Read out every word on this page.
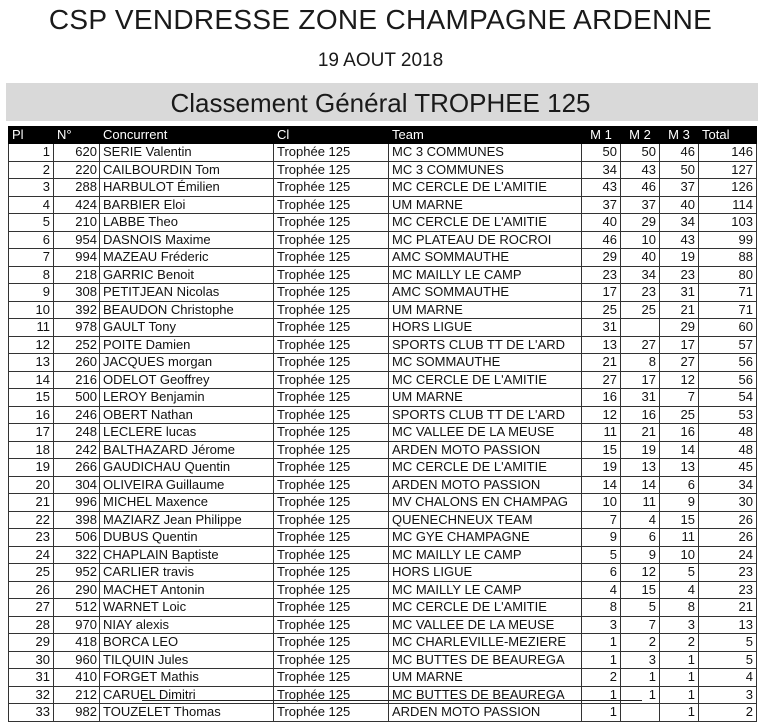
CSP VENDRESSE ZONE CHAMPAGNE ARDENNE
19 AOUT 2018
Classement Général TROPHEE 125
Pl	N°	Concurrent	Cl	Team	M 1	M 2	M 3	Total
1	620	SERIE Valentin	Trophée 125	MC 3 COMMUNES	50	50	46	146
2	220	CAILBOURDIN Tom	Trophée 125	MC 3 COMMUNES	34	43	50	127
3	288	HARBULOT Émilien	Trophée 125	MC CERCLE DE L'AMITIE	43	46	37	126
4	424	BARBIER Eloi	Trophée 125	UM MARNE	37	37	40	114
5	210	LABBE Theo	Trophée 125	MC CERCLE DE L'AMITIE	40	29	34	103
6	954	DASNOIS Maxime	Trophée 125	MC PLATEAU DE ROCROI	46	10	43	99
7	994	MAZEAU Fréderic	Trophée 125	AMC SOMMAUTHE	29	40	19	88
8	218	GARRIC Benoit	Trophée 125	MC MAILLY LE CAMP	23	34	23	80
9	308	PETITJEAN Nicolas	Trophée 125	AMC SOMMAUTHE	17	23	31	71
10	392	BEAUDON Christophe	Trophée 125	UM MARNE	25	25	21	71
11	978	GAULT Tony	Trophée 125	HORS LIGUE	31		29	60
12	252	POITE Damien	Trophée 125	SPORTS CLUB TT DE L'ARD	13	27	17	57
13	260	JACQUES morgan	Trophée 125	MC SOMMAUTHE	21	8	27	56
14	216	ODELOT Geoffrey	Trophée 125	MC CERCLE DE L'AMITIE	27	17	12	56
15	500	LEROY Benjamin	Trophée 125	UM MARNE	16	31	7	54
16	246	OBERT Nathan	Trophée 125	SPORTS CLUB TT DE L'ARD	12	16	25	53
17	248	LECLERE lucas	Trophée 125	MC VALLEE DE LA MEUSE	11	21	16	48
18	242	BALTHAZARD Jérome	Trophée 125	ARDEN MOTO PASSION	15	19	14	48
19	266	GAUDICHAU Quentin	Trophée 125	MC CERCLE DE L'AMITIE	19	13	13	45
20	304	OLIVEIRA Guillaume	Trophée 125	ARDEN MOTO PASSION	14	14	6	34
21	996	MICHEL Maxence	Trophée 125	MV CHALONS EN CHAMPAG	10	11	9	30
22	398	MAZIARZ Jean Philippe	Trophée 125	QUENECHNEUX TEAM	7	4	15	26
23	506	DUBUS Quentin	Trophée 125	MC GYE CHAMPAGNE	9	6	11	26
24	322	CHAPLAIN Baptiste	Trophée 125	MC MAILLY LE CAMP	5	9	10	24
25	952	CARLIER travis	Trophée 125	HORS LIGUE	6	12	5	23
26	290	MACHET Antonin	Trophée 125	MC MAILLY LE CAMP	4	15	4	23
27	512	WARNET Loic	Trophée 125	MC CERCLE DE L'AMITIE	8	5	8	21
28	970	NIAY alexis	Trophée 125	MC VALLEE DE LA MEUSE	3	7	3	13
29	418	BORCA LEO	Trophée 125	MC CHARLEVILLE-MEZIERE	1	2	2	5
30	960	TILQUIN Jules	Trophée 125	MC BUTTES DE BEAUREGA	1	3	1	5
31	410	FORGET Mathis	Trophée 125	UM MARNE	2	1	1	4
32	212	CARUEL Dimitri	Trophée 125	MC BUTTES DE BEAUREGA	1	1	1	3
33	982	TOUZELET Thomas	Trophée 125	ARDEN MOTO PASSION	1		1	2
